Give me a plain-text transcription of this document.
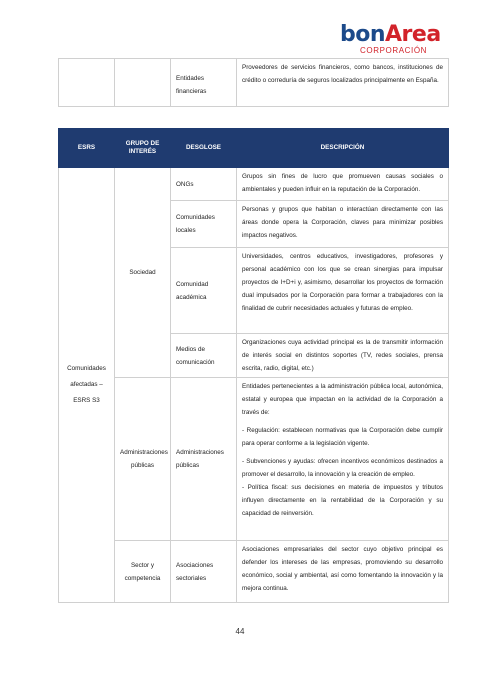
bonArea
CORPORACIÓN
		Entidades financieras	Proveedores de servicios financieros, como bancos, instituciones de crédito o correduría de seguros localizados principalmente en España.
ESRS	GRUPO DE INTERÉS	DESGLOSE	DESCRIPCIÓN
Comunidades afectadas – ESRS S3	Sociedad	ONGs	Grupos sin fines de lucro que promueven causas sociales o ambientales y pueden influir en la reputación de la Corporación.
		Comunidades locales	Personas y grupos que habitan o interactúan directamente con las áreas donde opera la Corporación, claves para minimizar posibles impactos negativos.
		Comunidad académica	Universidades, centros educativos, investigadores, profesores y personal académico con los que se crean sinergias para impulsar proyectos de I+D+i y, asimismo, desarrollar los proyectos de formación dual impulsados por la Corporación para formar a trabajadores con la finalidad de cubrir necesidades actuales y futuras de empleo.
		Medios de comunicación	Organizaciones cuya actividad principal es la de transmitir información de interés social en distintos soportes (TV, redes sociales, prensa escrita, radio, digital, etc.)
	Administraciones públicas	Administraciones públicas	Entidades pertenecientes a la administración pública local, autonómica, estatal y europea que impactan en la actividad de la Corporación a través de:
- Regulación: establecen normativas que la Corporación debe cumplir para operar conforme a la legislación vigente.
- Subvenciones y ayudas: ofrecen incentivos económicos destinados a promover el desarrollo, la innovación y la creación de empleo.
- Política fiscal: sus decisiones en materia de impuestos y tributos influyen directamente en la rentabilidad de la Corporación y su capacidad de reinversión.

	Sector y competencia	Asociaciones sectoriales	Asociaciones empresariales del sector cuyo objetivo principal es defender los intereses de las empresas, promoviendo su desarrollo económico, social y ambiental, así como fomentando la innovación y la mejora continua.
44
